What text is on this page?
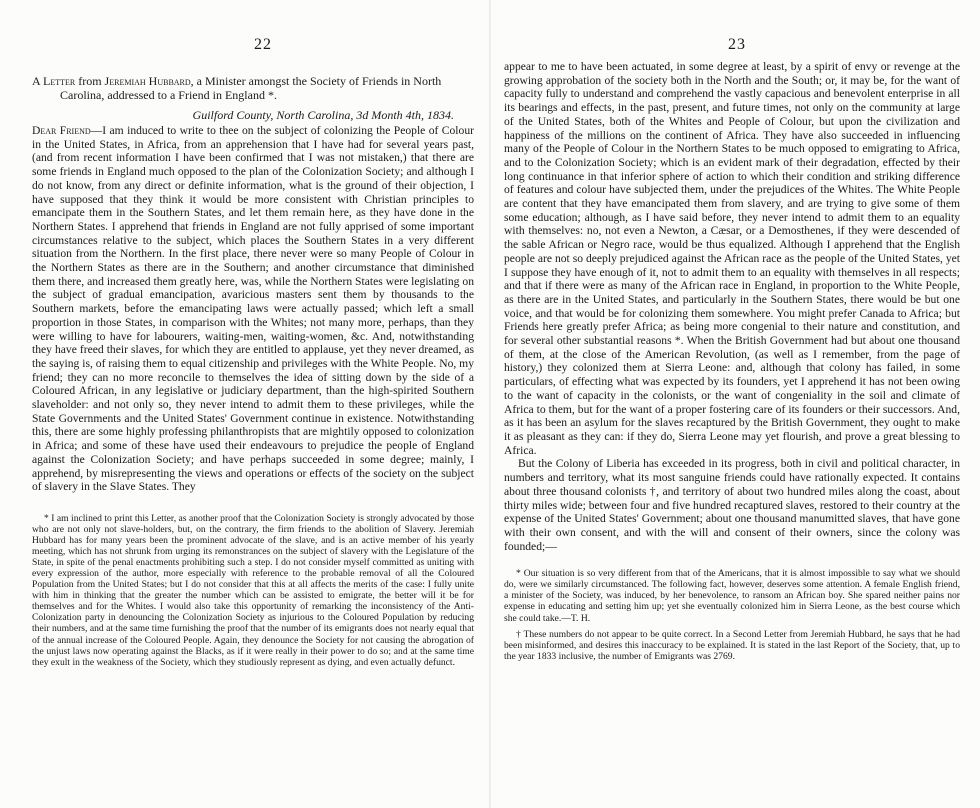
22
A Letter from Jeremiah Hubbard, a Minister amongst the Society of Friends in North Carolina, addressed to a Friend in England *.
Guilford County, North Carolina, 3d Month 4th, 1834.

Dear Friend—I am induced to write to thee on the subject of colonizing the People of Colour in the United States, in Africa, from an apprehension that I have had for several years past, (and from recent information I have been confirmed that I was not mistaken,) that there are some friends in England much opposed to the plan of the Colonization Society; and although I do not know, from any direct or definite information, what is the ground of their objection, I have supposed that they think it would be more consistent with Christian principles to emancipate them in the Southern States, and let them remain here, as they have done in the Northern States. I apprehend that friends in England are not fully apprised of some important circumstances relative to the subject, which places the Southern States in a very different situation from the Northern. In the first place, there never were so many People of Colour in the Northern States as there are in the Southern; and another circumstance that diminished them there, and increased them greatly here, was, while the Northern States were legislating on the subject of gradual emancipation, avaricious masters sent them by thousands to the Southern markets, before the emancipating laws were actually passed; which left a small proportion in those States, in comparison with the Whites; not many more, perhaps, than they were willing to have for labourers, waiting-men, waiting-women, &c. And, notwithstanding they have freed their slaves, for which they are entitled to applause, yet they never dreamed, as the saying is, of raising them to equal citizenship and privileges with the White People. No, my friend; they can no more reconcile to themselves the idea of sitting down by the side of a Coloured African, in any legislative or judiciary department, than the high-spirited Southern slaveholder: and not only so, they never intend to admit them to these privileges, while the State Governments and the United States' Government continue in existence. Notwithstanding this, there are some highly professing philanthropists that are mightily opposed to colonization in Africa; and some of these have used their endeavours to prejudice the people of England against the Colonization Society; and have perhaps succeeded in some degree; mainly, I apprehend, by misrepresenting the views and operations or effects of the society on the subject of slavery in the Slave States. They

* I am inclined to print this Letter, as another proof that the Colonization Society is strongly advocated by those who are not only not slave-holders, but, on the contrary, the firm friends to the abolition of Slavery. Jeremiah Hubbard has for many years been the prominent advocate of the slave, and is an active member of his yearly meeting, which has not shrunk from urging its remonstrances on the subject of slavery with the Legislature of the State, in spite of the penal enactments prohibiting such a step. I do not consider myself committed as uniting with every expression of the author, more especially with reference to the probable removal of all the Coloured Population from the United States; but I do not consider that this at all affects the merits of the case: I fully unite with him in thinking that the greater the number which can be assisted to emigrate, the better will it be for themselves and for the Whites. I would also take this opportunity of remarking the inconsistency of the Anti-Colonization party in denouncing the Colonization Society as injurious to the Coloured Population by reducing their numbers, and at the same time furnishing the proof that the number of its emigrants does not nearly equal that of the annual increase of the Coloured People. Again, they denounce the Society for not causing the abrogation of the unjust laws now operating against the Blacks, as if it were really in their power to do so; and at the same time they exult in the weakness of the Society, which they studiously represent as dying, and even actually defunct.

23

appear to me to have been actuated, in some degree at least, by a spirit of envy or revenge at the growing approbation of the society both in the North and the South; or, it may be, for the want of capacity fully to understand and comprehend the vastly capacious and benevolent enterprise in all its bearings and effects, in the past, present, and future times, not only on the community at large of the United States, both of the Whites and People of Colour, but upon the civilization and happiness of the millions on the continent of Africa. They have also succeeded in influencing many of the People of Colour in the Northern States to be much opposed to emigrating to Africa, and to the Colonization Society; which is an evident mark of their degradation, effected by their long continuance in that inferior sphere of action to which their condition and striking difference of features and colour have subjected them, under the prejudices of the Whites. The White People are content that they have emancipated them from slavery, and are trying to give some of them some education; although, as I have said before, they never intend to admit them to an equality with themselves: no, not even a Newton, a Cæsar, or a Demosthenes, if they were descended of the sable African or Negro race, would be thus equalized. Although I apprehend that the English people are not so deeply prejudiced against the African race as the people of the United States, yet I suppose they have enough of it, not to admit them to an equality with themselves in all respects; and that if there were as many of the African race in England, in proportion to the White People, as there are in the United States, and particularly in the Southern States, there would be but one voice, and that would be for colonizing them somewhere. You might prefer Canada to Africa; but Friends here greatly prefer Africa; as being more congenial to their nature and constitution, and for several other substantial reasons *. When the British Government had but about one thousand of them, at the close of the American Revolution, (as well as I remember, from the page of history,) they colonized them at Sierra Leone: and, although that colony has failed, in some particulars, of effecting what was expected by its founders, yet I apprehend it has not been owing to the want of capacity in the colonists, or the want of congeniality in the soil and climate of Africa to them, but for the want of a proper fostering care of its founders or their successors. And, as it has been an asylum for the slaves recaptured by the British Government, they ought to make it as pleasant as they can: if they do, Sierra Leone may yet flourish, and prove a great blessing to Africa.

But the Colony of Liberia has exceeded in its progress, both in civil and political character, in numbers and territory, what its most sanguine friends could have rationally expected. It contains about three thousand colonists †, and territory of about two hundred miles along the coast, about thirty miles wide; between four and five hundred recaptured slaves, restored to their country at the expense of the United States' Government; about one thousand manumitted slaves, that have gone with their own consent, and with the will and consent of their owners, since the colony was founded;—

* Our situation is so very different from that of the Americans, that it is almost impossible to say what we should do, were we similarly circumstanced. The following fact, however, deserves some attention. A female English friend, a minister of the Society, was induced, by her benevolence, to ransom an African boy. She spared neither pains nor expense in educating and setting him up; yet she eventually colonized him in Sierra Leone, as the best course which she could take.—T. H.

† These numbers do not appear to be quite correct. In a Second Letter from Jeremiah Hubbard, he says that he had been misinformed, and desires this inaccuracy to be explained. It is stated in the last Report of the Society, that, up to the year 1833 inclusive, the number of Emigrants was 2769.
